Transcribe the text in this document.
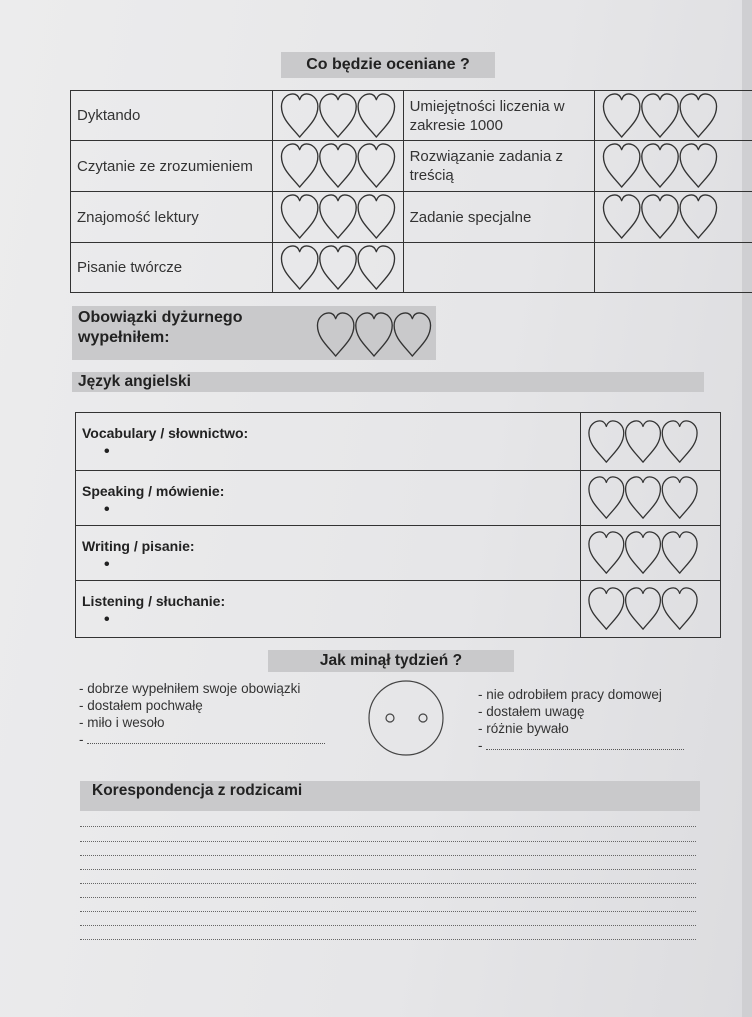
Co będzie oceniane ?
Dyktando		Umiejętności liczenia w zakresie 1000	

Czytanie ze zrozumieniem		Rozwiązanie zadania z treścią	

Znajomość lektury		Zadanie specjalne	

Pisanie twórcze	

Obowiązki dyżurnego
wypełniłem:
Język angielski
Vocabulary / słownictwo:
•

Speaking / mówienie:
•

Writing / pisanie:
•

Listening / słuchanie:
•

Jak minął tydzień ?
- dobrze wypełniłem swoje obowiązki
- dostałem pochwałę
- miło i wesoło
-
- nie odrobiłem pracy domowej
- dostałem uwagę
- różnie bywało
-
Korespondencja z rodzicami
